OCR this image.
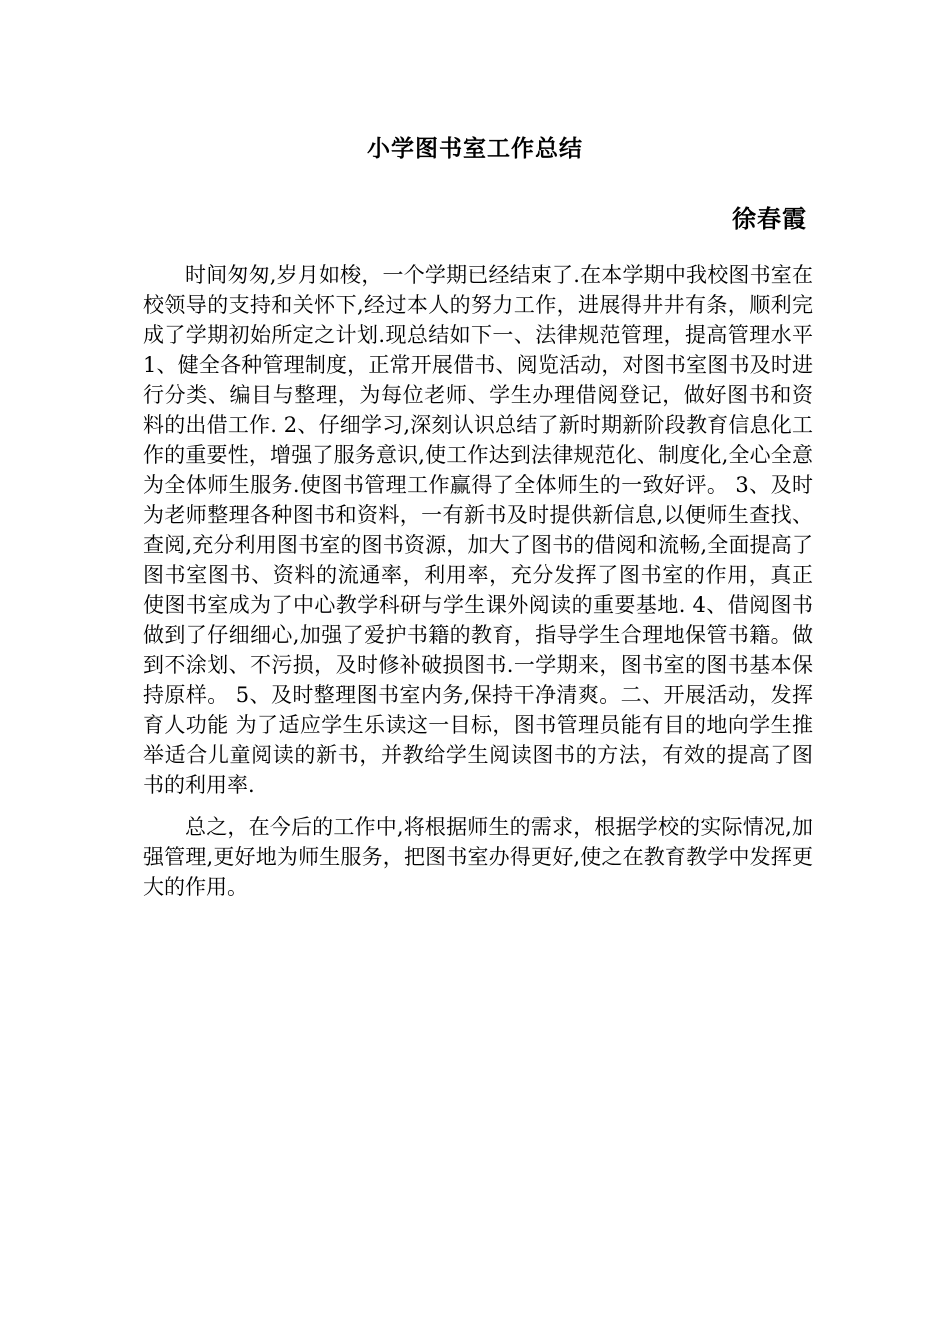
小学图书室工作总结
徐春霞

时间匆匆,岁月如梭，一个学期已经结束了.在本学期中我校图书室在校领导的支持和关怀下,经过本人的努力工作，进展得井井有条，顺利完成了学期初始所定之计划.现总结如下一、法律规范管理，提高管理水平 1、健全各种管理制度，正常开展借书、阅览活动，对图书室图书及时进行分类、编目与整理，为每位老师、学生办理借阅登记，做好图书和资料的出借工作. 2、仔细学习,深刻认识总结了新时期新阶段教育信息化工作的重要性，增强了服务意识,使工作达到法律规范化、制度化,全心全意为全体师生服务.使图书管理工作赢得了全体师生的一致好评。 3、及时为老师整理各种图书和资料，一有新书及时提供新信息,以便师生查找、查阅,充分利用图书室的图书资源，加大了图书的借阅和流畅,全面提高了图书室图书、资料的流通率，利用率，充分发挥了图书室的作用，真正使图书室成为了中心教学科研与学生课外阅读的重要基地. 4、借阅图书做到了仔细细心,加强了爱护书籍的教育，指导学生合理地保管书籍。做到不涂划、不污损，及时修补破损图书.一学期来，图书室的图书基本保持原样。 5、及时整理图书室内务,保持干净清爽。二、开展活动，发挥育人功能 为了适应学生乐读这一目标，图书管理员能有目的地向学生推举适合儿童阅读的新书，并教给学生阅读图书的方法，有效的提高了图书的利用率.

总之，在今后的工作中,将根据师生的需求，根据学校的实际情况,加强管理,更好地为师生服务，把图书室办得更好,使之在教育教学中发挥更大的作用。
